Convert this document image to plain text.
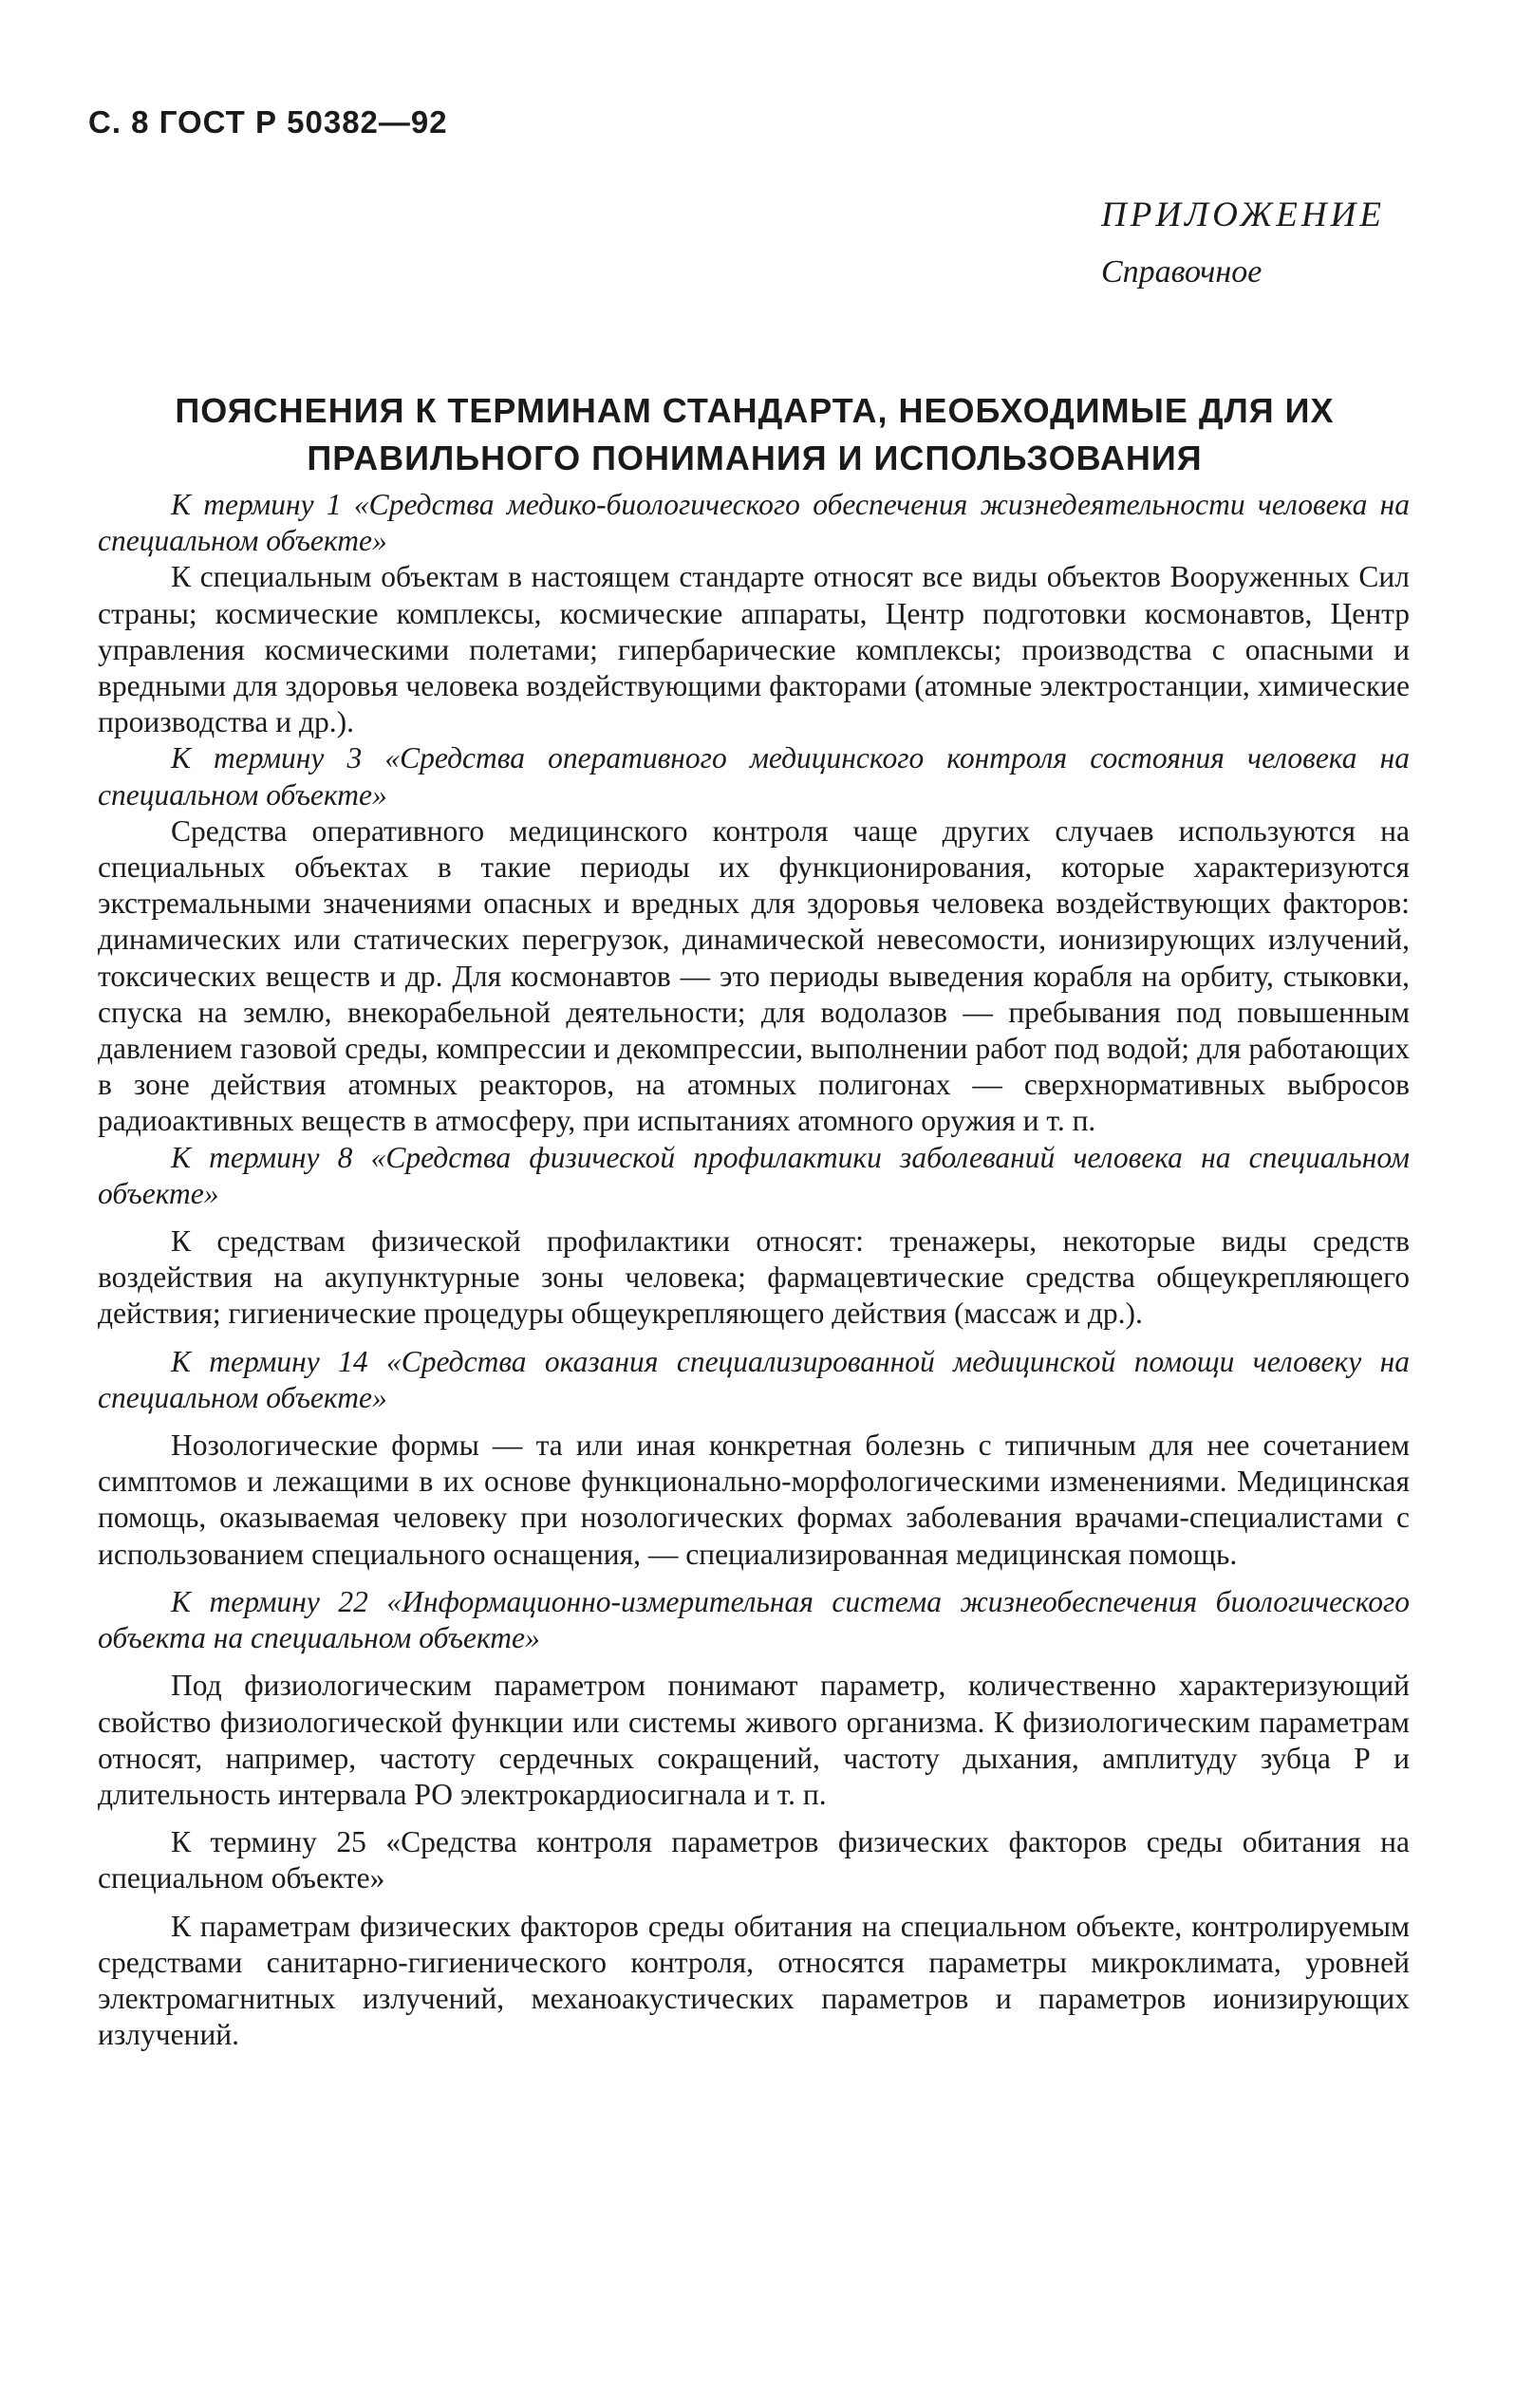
С. 8 ГОСТ Р 50382—92
ПРИЛОЖЕНИЕ
Справочное
ПОЯСНЕНИЯ К ТЕРМИНАМ СТАНДАРТА, НЕОБХОДИМЫЕ ДЛЯ ИХ
ПРАВИЛЬНОГО ПОНИМАНИЯ И ИСПОЛЬЗОВАНИЯ

К термину 1 «Средства медико-биологического обеспечения жизнедеятельности человека на специальном объекте»

К специальным объектам в настоящем стандарте относят все виды объектов Вооруженных Сил страны; космические комплексы, космические аппараты, Центр подготовки космонавтов, Центр управления космическими полетами; гипербарические комплексы; производства с опасными и вредными для здоровья человека воздействующими факторами (атомные электростанции, химические производства и др.).

К термину 3 «Средства оперативного медицинского контроля состояния человека на специальном объекте»

Средства оперативного медицинского контроля чаще других случаев используются на специальных объектах в такие периоды их функционирования, которые характеризуются экстремальными значениями опасных и вредных для здоровья человека воздействующих факторов: динамических или статических перегрузок, динамической невесомости, ионизирующих излучений, токсических веществ и др. Для космонавтов — это периоды выведения корабля на орбиту, стыковки, спуска на землю, внекорабельной деятельности; для водолазов — пребывания под повышенным давлением газовой среды, компрессии и декомпрессии, выполнении работ под водой; для работающих в зоне действия атомных реакторов, на атомных полигонах — сверхнормативных выбросов радиоактивных веществ в атмосферу, при испытаниях атомного оружия и т. п.

К термину 8 «Средства физической профилактики заболеваний человека на специальном объекте»

К средствам физической профилактики относят: тренажеры, некоторые виды средств воздействия на акупунктурные зоны человека; фармацевтические средства общеукрепляющего действия; гигиенические процедуры общеукрепляющего действия (массаж и др.).

К термину 14 «Средства оказания специализированной медицинской помощи человеку на специальном объекте»

Нозологические формы — та или иная конкретная болезнь с типичным для нее сочетанием симптомов и лежащими в их основе функционально-морфологическими изменениями. Медицинская помощь, оказываемая человеку при нозологических формах заболевания врачами-специалистами с использованием специального оснащения, — специализированная медицинская помощь.

К термину 22 «Информационно-измерительная система жизнеобеспечения биологического объекта на специальном объекте»

Под физиологическим параметром понимают параметр, количественно характеризующий свойство физиологической функции или системы живого организма. К физиологическим параметрам относят, например, частоту сердечных сокращений, частоту дыхания, амплитуду зубца Р и длительность интервала РО электрокардиосигнала и т. п.

К термину 25 «Средства контроля параметров физических факторов среды обитания на специальном объекте»

К параметрам физических факторов среды обитания на специальном объекте, контролируемым средствами санитарно-гигиенического контроля, относятся параметры микроклимата, уровней электромагнитных излучений, механоакустических параметров и параметров ионизирующих излучений.
